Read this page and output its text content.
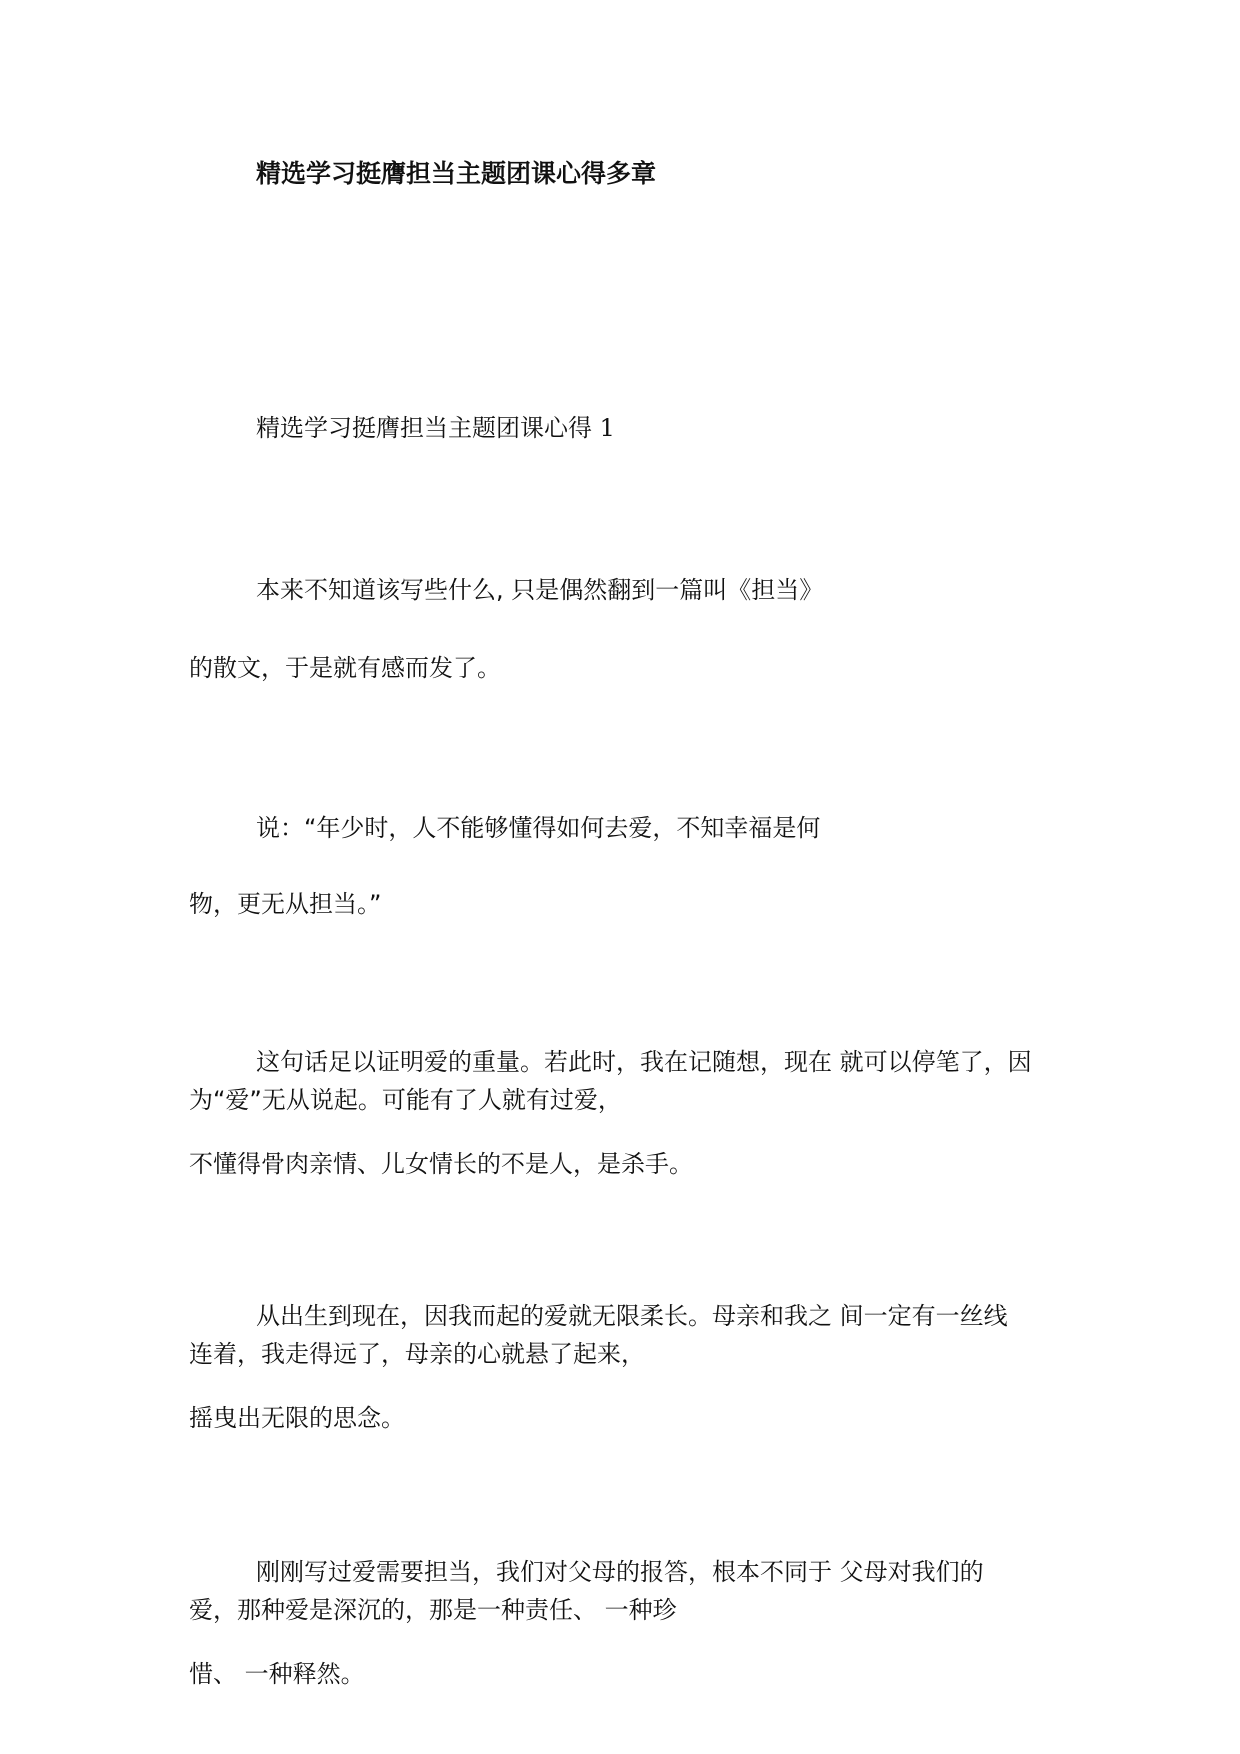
精选学习挺膺担当主题团课心得多章
精选学习挺膺担当主题团课心得 1
本来不知道该写些什么, 只是偶然翻到一篇叫《担当》
的散文，于是就有感而发了。
说：“年少时，人不能够懂得如何去爱，不知幸福是何
物，更无从担当。”
这句话足以证明爱的重量。若此时，我在记随想，现在 就可以停笔了，因
为“爱”无从说起。可能有了人就有过爱，
不懂得骨肉亲情、儿女情长的不是人，是杀手。
从出生到现在，因我而起的爱就无限柔长。母亲和我之 间一定有一丝线
连着，我走得远了，母亲的心就悬了起来，
摇曳出无限的思念。
刚刚写过爱需要担当，我们对父母的报答，根本不同于 父母对我们的
爱，那种爱是深沉的，那是一种责任、 一种珍
惜、 一种释然。
